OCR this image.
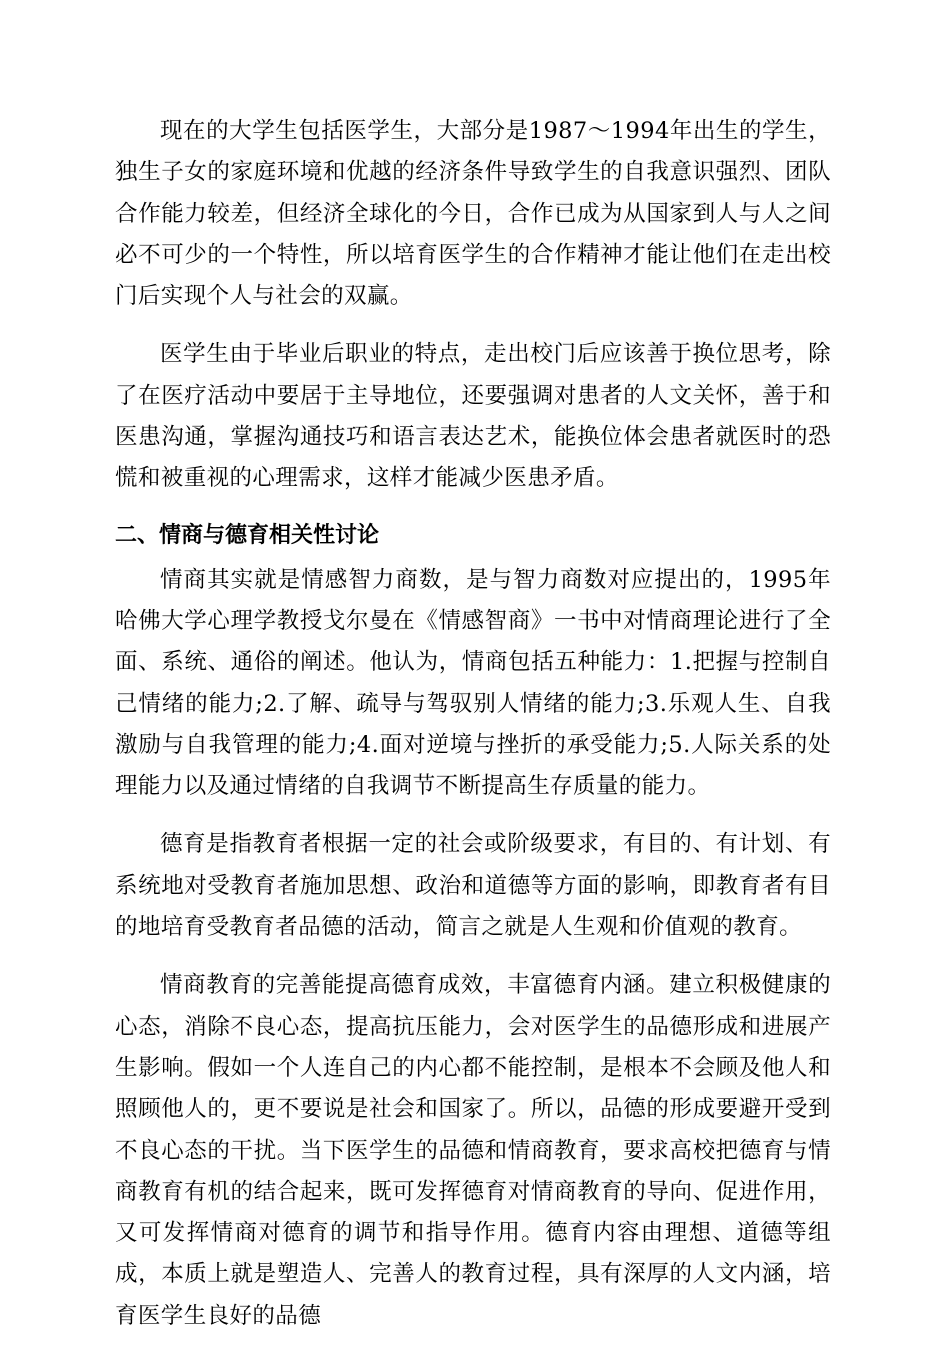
现在的大学生包括医学生，大部分是1987～1994年出生的学生，独生子女的家庭环境和优越的经济条件导致学生的自我意识强烈、团队合作能力较差，但经济全球化的今日，合作已成为从国家到人与人之间必不可少的一个特性，所以培育医学生的合作精神才能让他们在走出校门后实现个人与社会的双赢。

医学生由于毕业后职业的特点，走出校门后应该善于换位思考，除了在医疗活动中要居于主导地位，还要强调对患者的人文关怀，善于和医患沟通，掌握沟通技巧和语言表达艺术，能换位体会患者就医时的恐慌和被重视的心理需求，这样才能减少医患矛盾。

二、情商与德育相关性讨论

情商其实就是情感智力商数，是与智力商数对应提出的，1995年哈佛大学心理学教授戈尔曼在《情感智商》一书中对情商理论进行了全面、系统、通俗的阐述。他认为，情商包括五种能力：1.把握与控制自己情绪的能力;2.了解、疏导与驾驭别人情绪的能力;3.乐观人生、自我激励与自我管理的能力;4.面对逆境与挫折的承受能力;5.人际关系的处理能力以及通过情绪的自我调节不断提高生存质量的能力。

德育是指教育者根据一定的社会或阶级要求，有目的、有计划、有系统地对受教育者施加思想、政治和道德等方面的影响，即教育者有目的地培育受教育者品德的活动，简言之就是人生观和价值观的教育。

情商教育的完善能提高德育成效，丰富德育内涵。建立积极健康的心态，消除不良心态，提高抗压能力，会对医学生的品德形成和进展产生影响。假如一个人连自己的内心都不能控制，是根本不会顾及他人和照顾他人的，更不要说是社会和国家了。所以，品德的形成要避开受到不良心态的干扰。当下医学生的品德和情商教育，要求高校把德育与情商教育有机的结合起来，既可发挥德育对情商教育的导向、促进作用，又可发挥情商对德育的调节和指导作用。德育内容由理想、道德等组成，本质上就是塑造人、完善人的教育过程，具有深厚的人文内涵，培育医学生良好的品德
